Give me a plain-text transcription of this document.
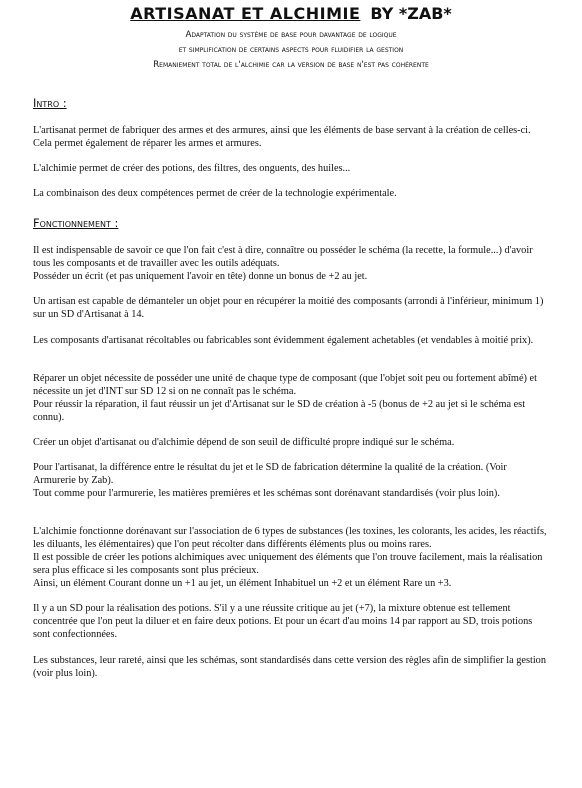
ARTISANAT ET ALCHIMIE BY *ZAB*
Adaptation du système de base pour davantage de logique
et simplification de certains aspects pour fluidifier la gestion
Remaniement total de l'alchimie car la version de base n'est pas cohérente
Intro :

L'artisanat permet de fabriquer des armes et des armures, ainsi que les éléments de base servant à la création de celles-ci. Cela permet également de réparer les armes et armures.

L'alchimie permet de créer des potions, des filtres, des onguents, des huiles...

La combinaison des deux compétences permet de créer de la technologie expérimentale.

Fonctionnement :

Il est indispensable de savoir ce que l'on fait c'est à dire, connaître ou posséder le schéma (la recette, la formule...) d'avoir tous les composants et de travailler avec les outils adéquats.

Posséder un écrit (et pas uniquement l'avoir en tête) donne un bonus de +2 au jet.

Un artisan est capable de démanteler un objet pour en récupérer la moitié des composants (arrondi à l'inférieur, minimum 1) sur un SD d'Artisanat à 14.

Les composants d'artisanat récoltables ou fabricables sont évidemment également achetables (et vendables à moitié prix).

Réparer un objet nécessite de posséder une unité de chaque type de composant (que l'objet soit peu ou fortement abîmé) et nécessite un jet d'INT sur SD 12 si on ne connaît pas le schéma.

Pour réussir la réparation, il faut réussir un jet d'Artisanat sur le SD de création à -5 (bonus de +2 au jet si le schéma est connu).

Créer un objet d'artisanat ou d'alchimie dépend de son seuil de difficulté propre indiqué sur le schéma.

Pour l'artisanat, la différence entre le résultat du jet et le SD de fabrication détermine la qualité de la création. (Voir Armurerie by Zab).

Tout comme pour l'armurerie, les matières premières et les schémas sont dorénavant standardisés (voir plus loin).

L'alchimie fonctionne dorénavant sur l'association de 6 types de substances (les toxines, les colorants, les acides, les réactifs, les diluants, les élémentaires) que l'on peut récolter dans différents éléments plus ou moins rares.

Il est possible de créer les potions alchimiques avec uniquement des éléments que l'on trouve facilement, mais la réalisation sera plus efficace si les composants sont plus précieux.

Ainsi, un élément Courant donne un +1 au jet, un élément Inhabituel un +2 et un élément Rare un +3.

Il y a un SD pour la réalisation des potions. S'il y a une réussite critique au jet (+7), la mixture obtenue est tellement concentrée que l'on peut la diluer et en faire deux potions. Et pour un écart d'au moins 14 par rapport au SD, trois potions sont confectionnées.

Les substances, leur rareté, ainsi que les schémas, sont standardisés dans cette version des règles afin de simplifier la gestion (voir plus loin).
